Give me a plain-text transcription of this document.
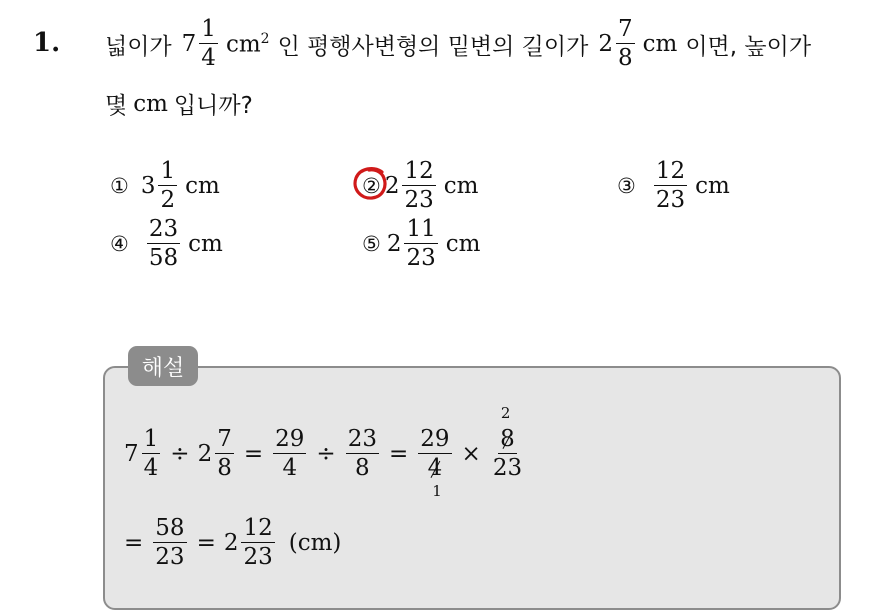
1. 넓이가 $7 \frac{1}{4} cm^2$ 인 평행사변형의 밑변의 길이가 $2 \frac{7}{8}$ cm 이면, 높이가
몇 cm 입니까?
① $3 \frac{1}{2}$ cm	② $2 \frac{12}{23}$ cm	③ $\frac{12}{23}$ cm
④ $\frac{23}{58}$ cm	⑤ $2 \frac{11}{23}$ cm
해설
$7 \frac{1}{4} \div 2 \frac{7}{8} = \frac{29}{4} \div \frac{23}{8}$ =
29
4
1
×
2
8
23
= $\frac{58}{23} = 2 \frac{12}{23} (cm)$
